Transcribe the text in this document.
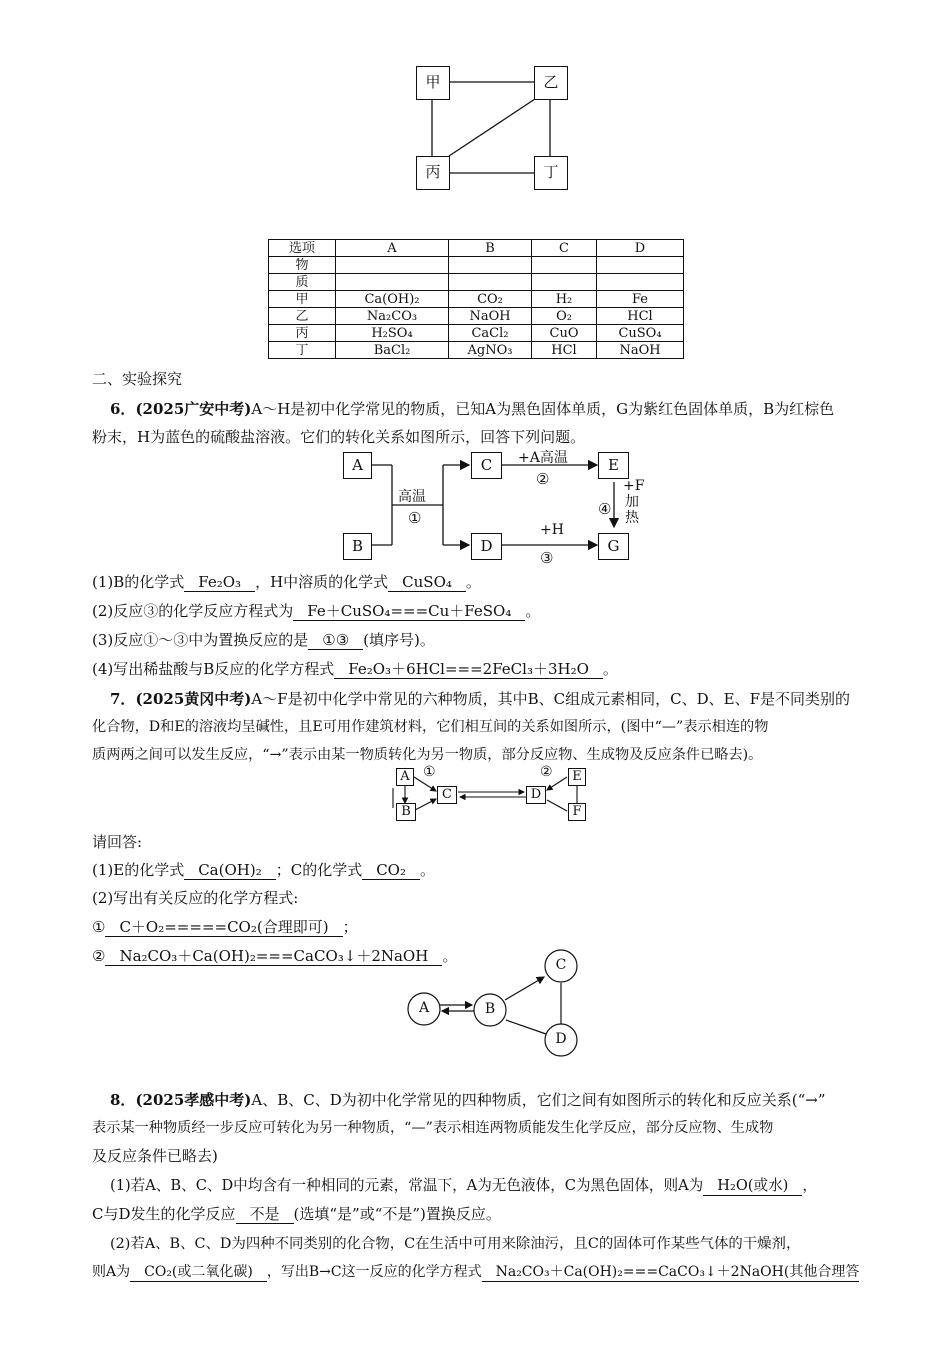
甲	乙
丙	丁
选项	A	B	C	D
物				
质				
甲	Ca(OH)₂	CO₂	H₂	Fe
乙	Na₂CO₃	NaOH	O₂	HCl
丙	H₂SO₄	CaCl₂	CuO	CuSO₄
丁	BaCl₂	AgNO₃	HCl	NaOH
二、实验探究
6．(2025广安中考)A～H是初中化学常见的物质，已知A为黑色固体单质，G为紫红色固体单质，B为红棕色
粉末，H为蓝色的硫酸盐溶液。它们的转化关系如图所示，回答下列问题。
A
B
C
D
E
G
高温
①
+A高温
②
+H
③
+F
加
热
④
(1)B的化学式 Fe₂O₃ ，H中溶质的化学式 CuSO₄ 。
(2)反应③的化学反应方程式为 Fe＋CuSO₄===Cu＋FeSO₄ 。
(3)反应①～③中为置换反应的是 ①③ (填序号)。
(4)写出稀盐酸与B反应的化学方程式 Fe₂O₃＋6HCl===2FeCl₃＋3H₂O 。
7．(2025黄冈中考)A～F是初中化学中常见的六种物质，其中B、C组成元素相同，C、D、E、F是不同类别的
化合物，D和E的溶液均呈碱性，且E可用作建筑材料，它们相互间的关系如图所示，(图中“—”表示相连的物
质两两之间可以发生反应，“→”表示由某一物质转化为另一物质，部分反应物、生成物及反应条件已略去)。
A
B
C	D
E
F
①	②
请回答:
(1)E的化学式 Ca(OH)₂ ；C的化学式 CO₂ 。
(2)写出有关反应的化学方程式:
① C＋O₂=====CO₂(合理即可) ；
② Na₂CO₃＋Ca(OH)₂===CaCO₃↓＋2NaOH 。
A	B
C
D
8．(2025孝感中考)A、B、C、D为初中化学常见的四种物质，它们之间有如图所示的转化和反应关系(“→”
表示某一种物质经一步反应可转化为另一种物质，“—”表示相连两物质能发生化学反应，部分反应物、生成物
及反应条件已略去)
(1)若A、B、C、D中均含有一种相同的元素，常温下，A为无色液体，C为黑色固体，则A为 H₂O(或水) ，
C与D发生的化学反应 不是 (选填“是”或“不是”)置换反应。
(2)若A、B、C、D为四种不同类别的化合物，C在生活中可用来除油污，且C的固体可作某些气体的干燥剂，
则A为 CO₂(或二氧化碳) ，写出B→C这一反应的化学方程式 Na₂CO₃＋Ca(OH)₂===CaCO₃↓＋2NaOH(其他合理答
